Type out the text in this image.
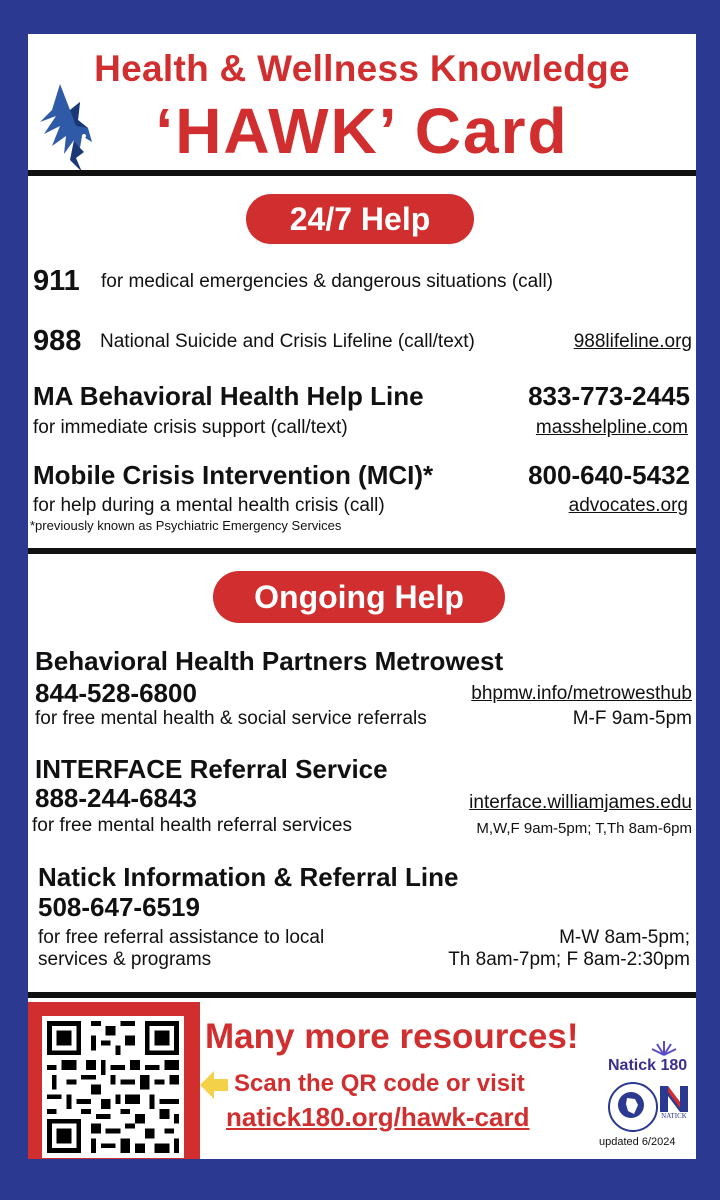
Health & Wellness Knowledge
‘HAWK’ Card
24/7 Help
911 for medical emergencies & dangerous situations (call)
988 National Suicide and Crisis Lifeline (call/text)	988lifeline.org
MA Behavioral Health Help Line	833-773-2445
for immediate crisis support (call/text)	masshelpline.com
Mobile Crisis Intervention (MCI)*	800-640-5432
for help during a mental health crisis (call)	advocates.org
*previously known as Psychiatric Emergency Services
Ongoing Help
Behavioral Health Partners Metrowest
844-528-6800	bhpmw.info/metrowesthub
for free mental health & social service referrals	M-F 9am-5pm
INTERFACE Referral Service
888-244-6843	interface.williamjames.edu
for free mental health referral services	M,W,F 9am-5pm; T,Th 8am-6pm
Natick Information & Referral Line
508-647-6519
for free referral assistance to local
services & programs
M-W 8am-5pm;
Th 8am-7pm; F 8am-2:30pm
Many more resources!
Scan the QR code or visit
natick180.org/hawk-card
Natick 180
NATICK
updated 6/2024
